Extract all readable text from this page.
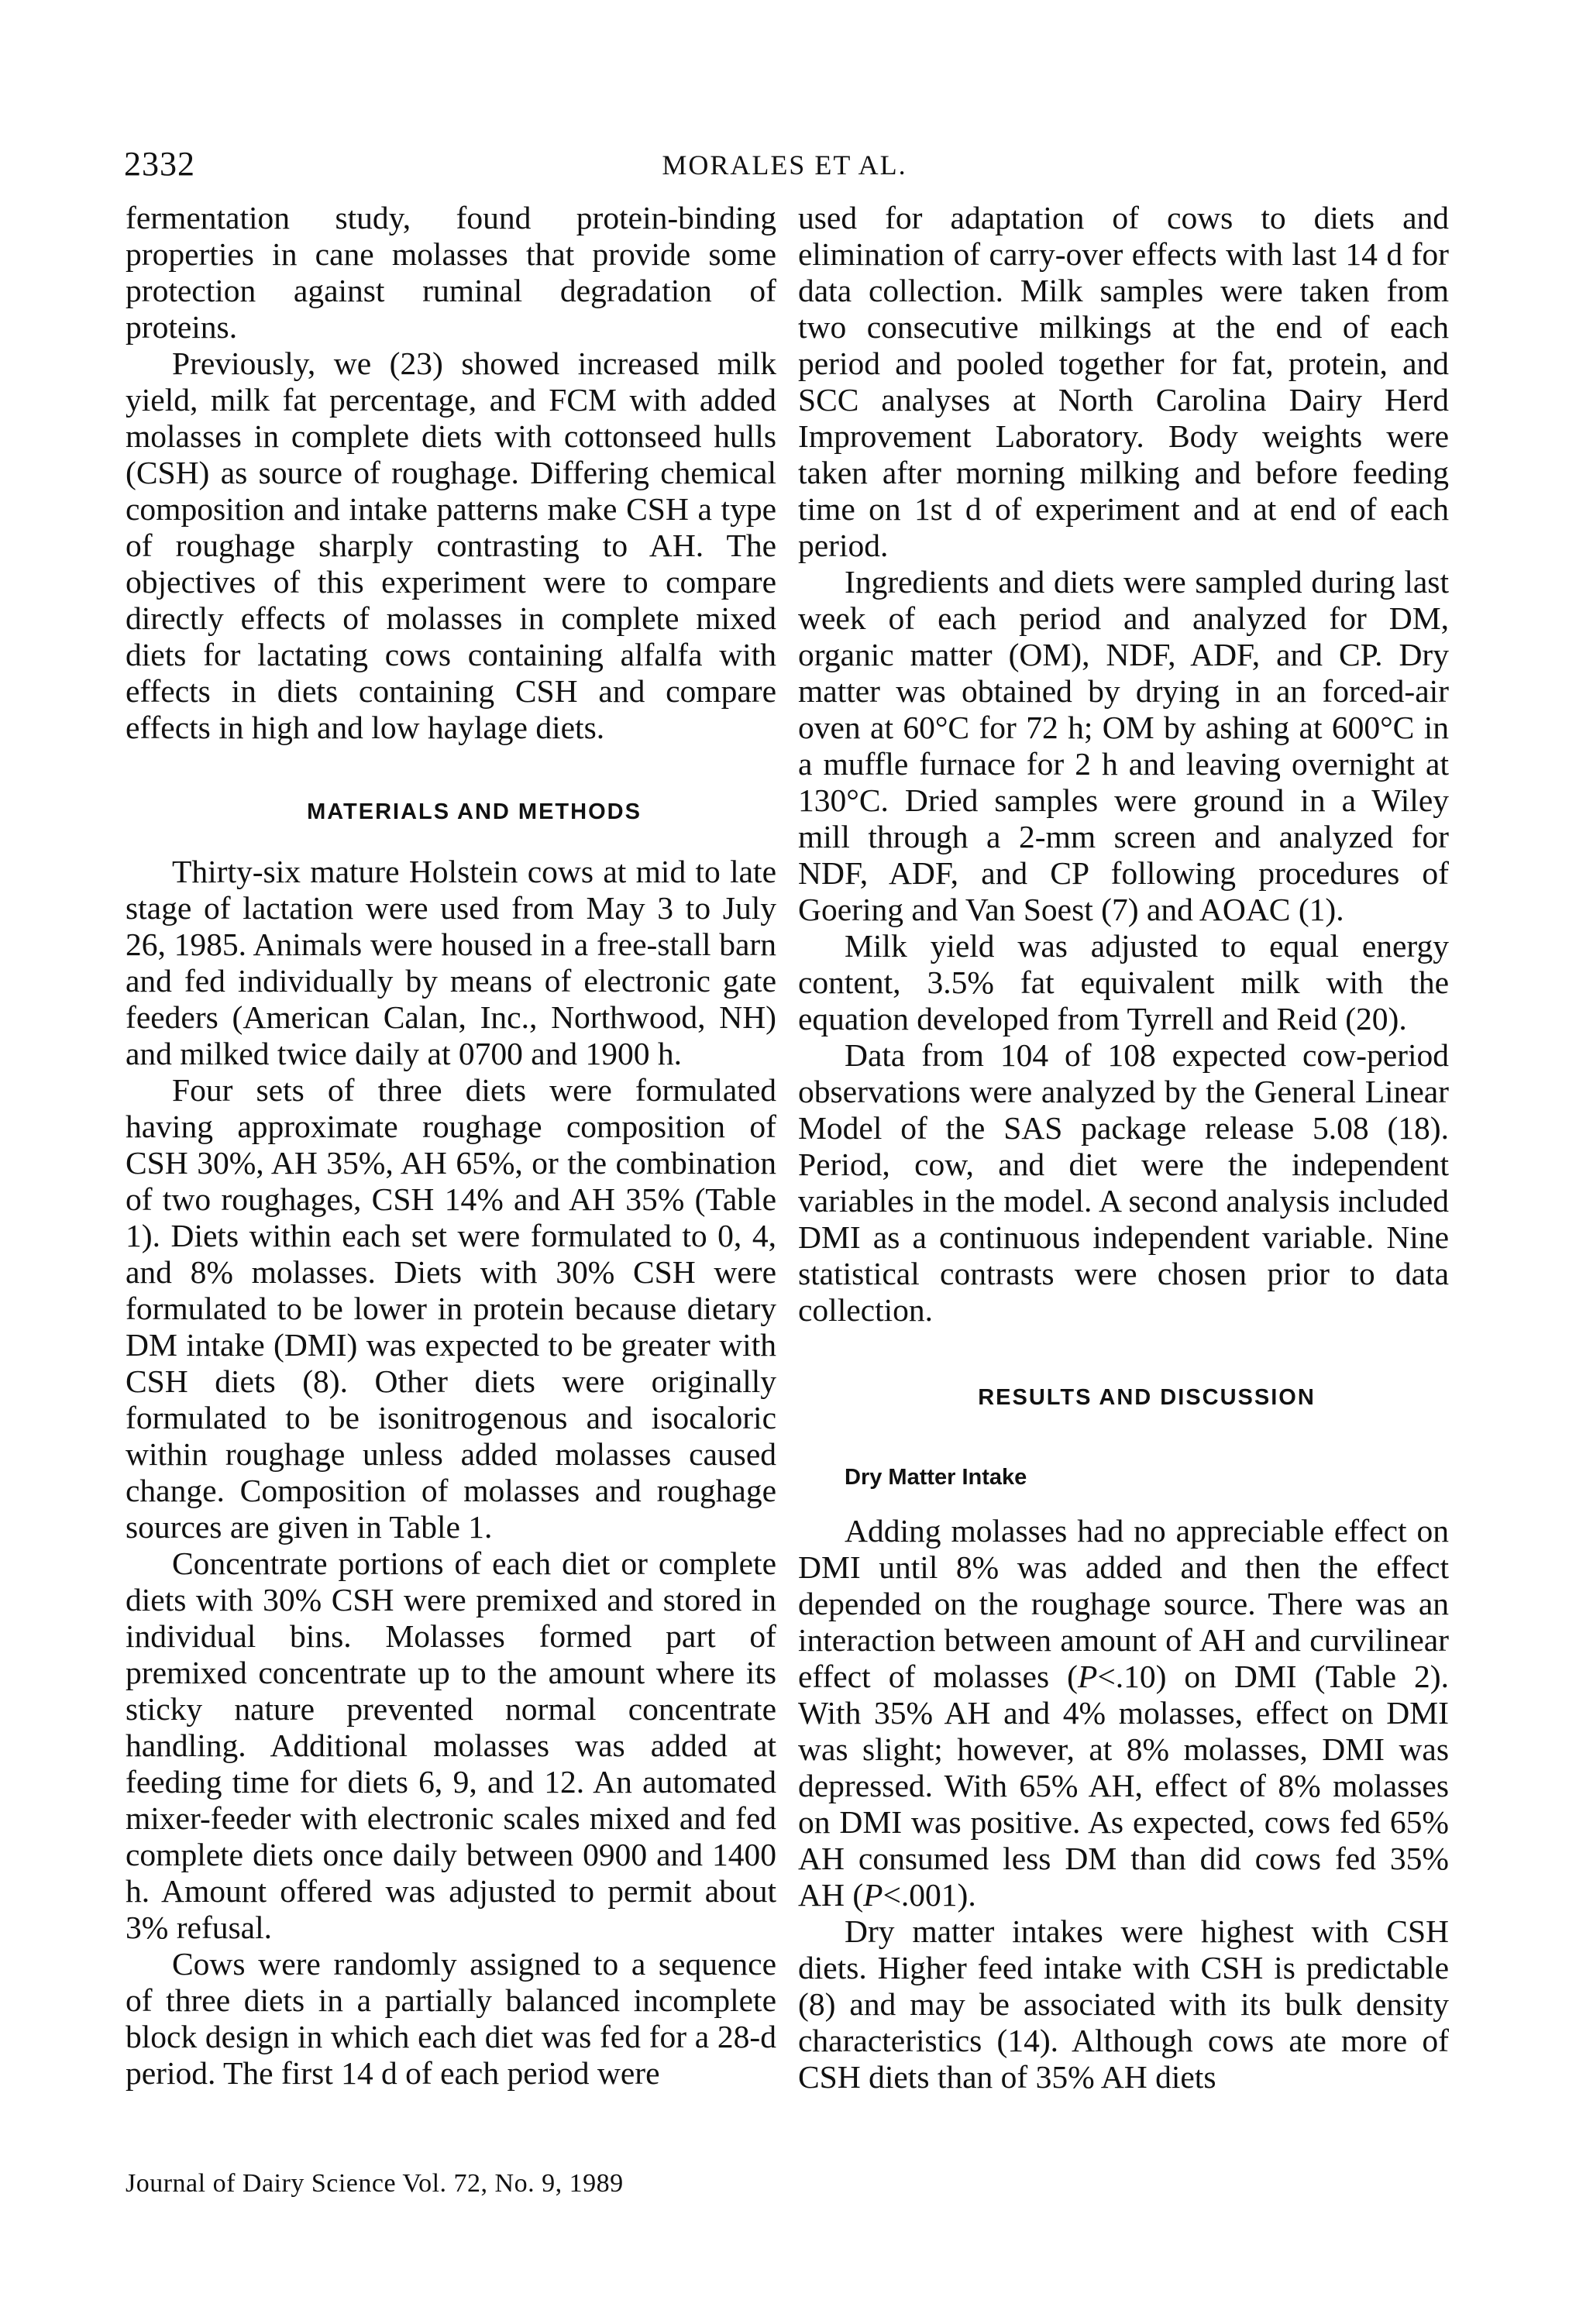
2332	MORALES ET AL.

fermentation study, found protein-binding properties in cane molasses that provide some protection against ruminal degradation of proteins.

Previously, we (23) showed increased milk yield, milk fat percentage, and FCM with added molasses in complete diets with cottonseed hulls (CSH) as source of roughage. Differing chemical composition and intake patterns make CSH a type of roughage sharply contrasting to AH. The objectives of this experiment were to compare directly effects of molasses in complete mixed diets for lactating cows containing alfalfa with effects in diets containing CSH and compare effects in high and low haylage diets.

MATERIALS AND METHODS

Thirty-six mature Holstein cows at mid to late stage of lactation were used from May 3 to July 26, 1985. Animals were housed in a free-stall barn and fed individually by means of electronic gate feeders (American Calan, Inc., Northwood, NH) and milked twice daily at 0700 and 1900 h.

Four sets of three diets were formulated having approximate roughage composition of CSH 30%, AH 35%, AH 65%, or the combination of two roughages, CSH 14% and AH 35% (Table 1). Diets within each set were formulated to 0, 4, and 8% molasses. Diets with 30% CSH were formulated to be lower in protein because dietary DM intake (DMI) was expected to be greater with CSH diets (8). Other diets were originally formulated to be isonitrogenous and isocaloric within roughage unless added molasses caused change. Composition of molasses and roughage sources are given in Table 1.

Concentrate portions of each diet or complete diets with 30% CSH were premixed and stored in individual bins. Molasses formed part of premixed concentrate up to the amount where its sticky nature prevented normal concentrate handling. Additional molasses was added at feeding time for diets 6, 9, and 12. An automated mixer-feeder with electronic scales mixed and fed complete diets once daily between 0900 and 1400 h. Amount offered was adjusted to permit about 3% refusal.

Cows were randomly assigned to a sequence of three diets in a partially balanced incomplete block design in which each diet was fed for a 28-d period. The first 14 d of each period were

used for adaptation of cows to diets and elimination of carry-over effects with last 14 d for data collection. Milk samples were taken from two consecutive milkings at the end of each period and pooled together for fat, protein, and SCC analyses at North Carolina Dairy Herd Improvement Laboratory. Body weights were taken after morning milking and before feeding time on 1st d of experiment and at end of each period.

Ingredients and diets were sampled during last week of each period and analyzed for DM, organic matter (OM), NDF, ADF, and CP. Dry matter was obtained by drying in an forced-air oven at 60°C for 72 h; OM by ashing at 600°C in a muffle furnace for 2 h and leaving overnight at 130°C. Dried samples were ground in a Wiley mill through a 2-mm screen and analyzed for NDF, ADF, and CP following procedures of Goering and Van Soest (7) and AOAC (1).

Milk yield was adjusted to equal energy content, 3.5% fat equivalent milk with the equation developed from Tyrrell and Reid (20).

Data from 104 of 108 expected cow-period observations were analyzed by the General Linear Model of the SAS package release 5.08 (18). Period, cow, and diet were the independent variables in the model. A second analysis included DMI as a continuous independent variable. Nine statistical contrasts were chosen prior to data collection.

RESULTS AND DISCUSSION

Dry Matter Intake

Adding molasses had no appreciable effect on DMI until 8% was added and then the effect depended on the roughage source. There was an interaction between amount of AH and curvilinear effect of molasses (P<.10) on DMI (Table 2). With 35% AH and 4% molasses, effect on DMI was slight; however, at 8% molasses, DMI was depressed. With 65% AH, effect of 8% molasses on DMI was positive. As expected, cows fed 65% AH consumed less DM than did cows fed 35% AH (P<.001).

Dry matter intakes were highest with CSH diets. Higher feed intake with CSH is predictable (8) and may be associated with its bulk density characteristics (14). Although cows ate more of CSH diets than of 35% AH diets

Journal of Dairy Science Vol. 72, No. 9, 1989
